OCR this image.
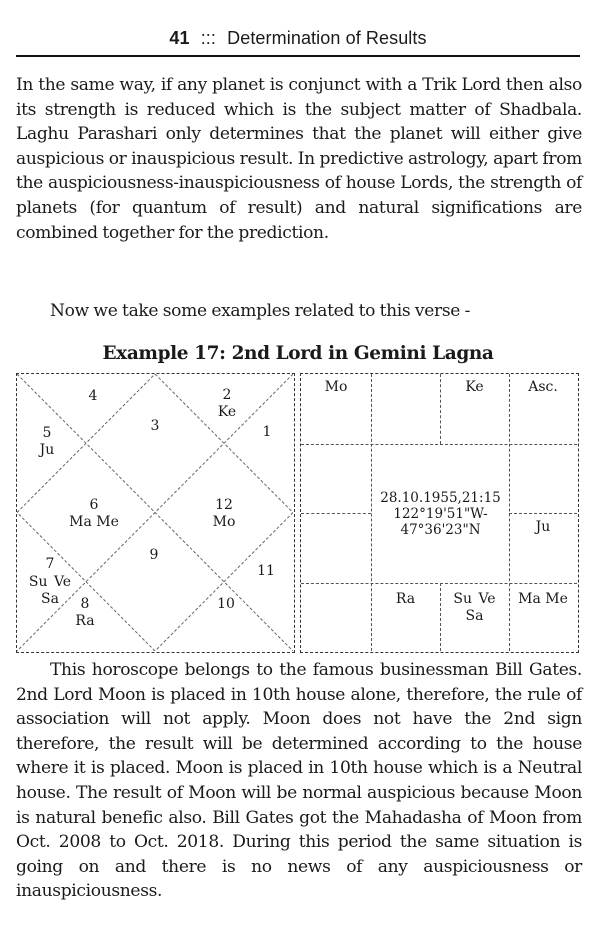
41 ::: Determination of Results

In the same way, if any planet is conjunct with a Trik Lord then also its strength is reduced which is the subject matter of Shadbala. Laghu Parashari only determines that the planet will either give auspicious or inauspicious result. In predictive astrology, apart from the auspiciousness-inauspiciousness of house Lords, the strength of planets (for quantum of result) and natural significations are combined together for the prediction.

Now we take some examples related to this verse -

Example 17: 2nd Lord in Gemini Lagna
4	2
Ke
3	1
5
Ju
6
Ma Me
12
Mo
9
7
Su Ve Sa
11
8
Ra
10
Mo	Ke	Asc.
Ju
Ra	Su Ve Sa
Ma Me
28.10.1955,21:15
122°19'51"W-
47°36'23"N

This horoscope belongs to the famous businessman Bill Gates. 2nd Lord Moon is placed in 10th house alone, therefore, the rule of association will not apply. Moon does not have the 2nd sign therefore, the result will be determined according to the house where it is placed. Moon is placed in 10th house which is a Neutral house. The result of Moon will be normal auspicious because Moon is natural benefic also. Bill Gates got the Mahadasha of Moon from Oct. 2008 to Oct. 2018. During this period the same situation is going on and there is no news of any auspiciousness or inauspiciousness.
